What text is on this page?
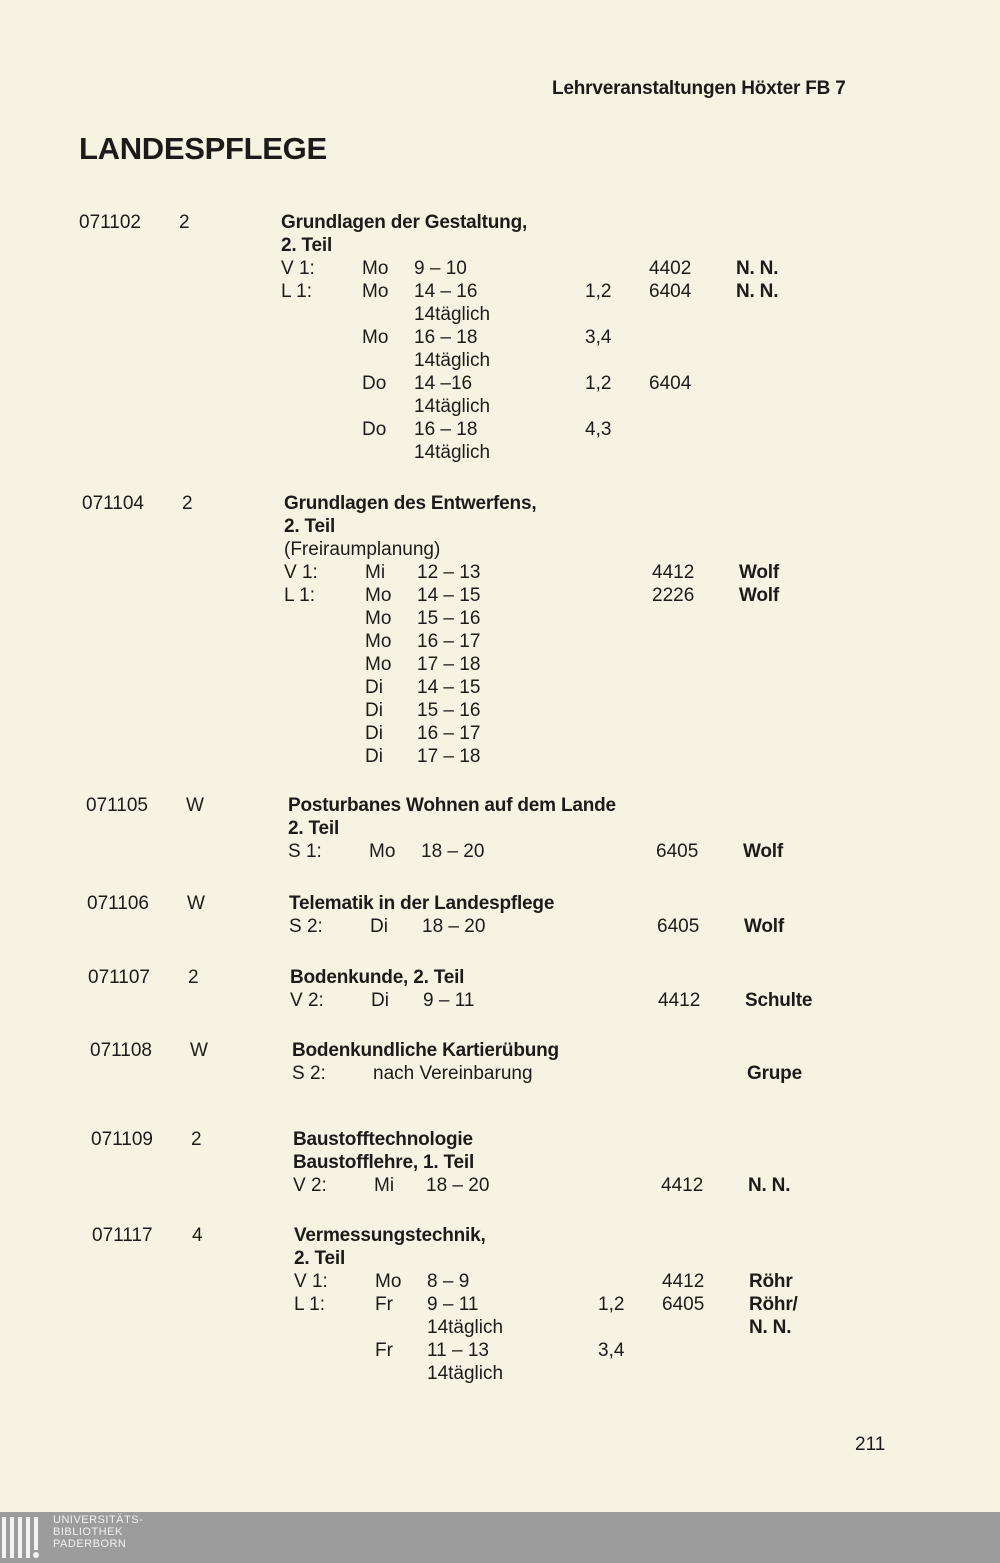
Lehrveranstaltungen Höxter FB 7
LANDESPFLEGE
071102 2	Grundlagen der Gestaltung,
2. Teil
V 1: Mo 9 – 10	4402 N. N.
L 1:	Mo 14 – 16	1,2 6404 N. N.
14täglich
Mo 16 – 18	3,4
14täglich
Do 14 –16	1,2 6404
14täglich
Do 16 – 18	4,3
14täglich
071104 2	Grundlagen des Entwerfens,
2. Teil
(Freiraumplanung)
V 1: Mi 12 – 13	4412 Wolf
L 1:	Mo 14 – 15	2226 Wolf
Mo 15 – 16
Mo 16 – 17
Mo 17 – 18
Di 14 – 15
Di 15 – 16
Di 16 – 17
Di 17 – 18
071105 W	Posturbanes Wohnen auf dem Lande
2. Teil
S 1: Mo 18 – 20	6405 Wolf
071106 W	Telematik in der Landespflege
S 2: Di 18 – 20	6405 Wolf
071107 2	Bodenkunde, 2. Teil
V 2: Di 9 – 11	4412 Schulte
071108 W	Bodenkundliche Kartierübung
S 2: nach Vereinbarung	Grupe
071109 2	Baustofftechnologie
Baustofflehre, 1. Teil
V 2: Mi 18 – 20	4412 N. N.
071117 4	Vermessungstechnik,
2. Teil
V 1: Mo 8 – 9	4412 Röhr
L 1:	Fr 9 – 11	1,2 6405 Röhr/
14täglich	N. N.
Fr 11 – 13	3,4
14täglich
211
UNIVERSITÄTS-
BIBLIOTHEK
PADERBORN
